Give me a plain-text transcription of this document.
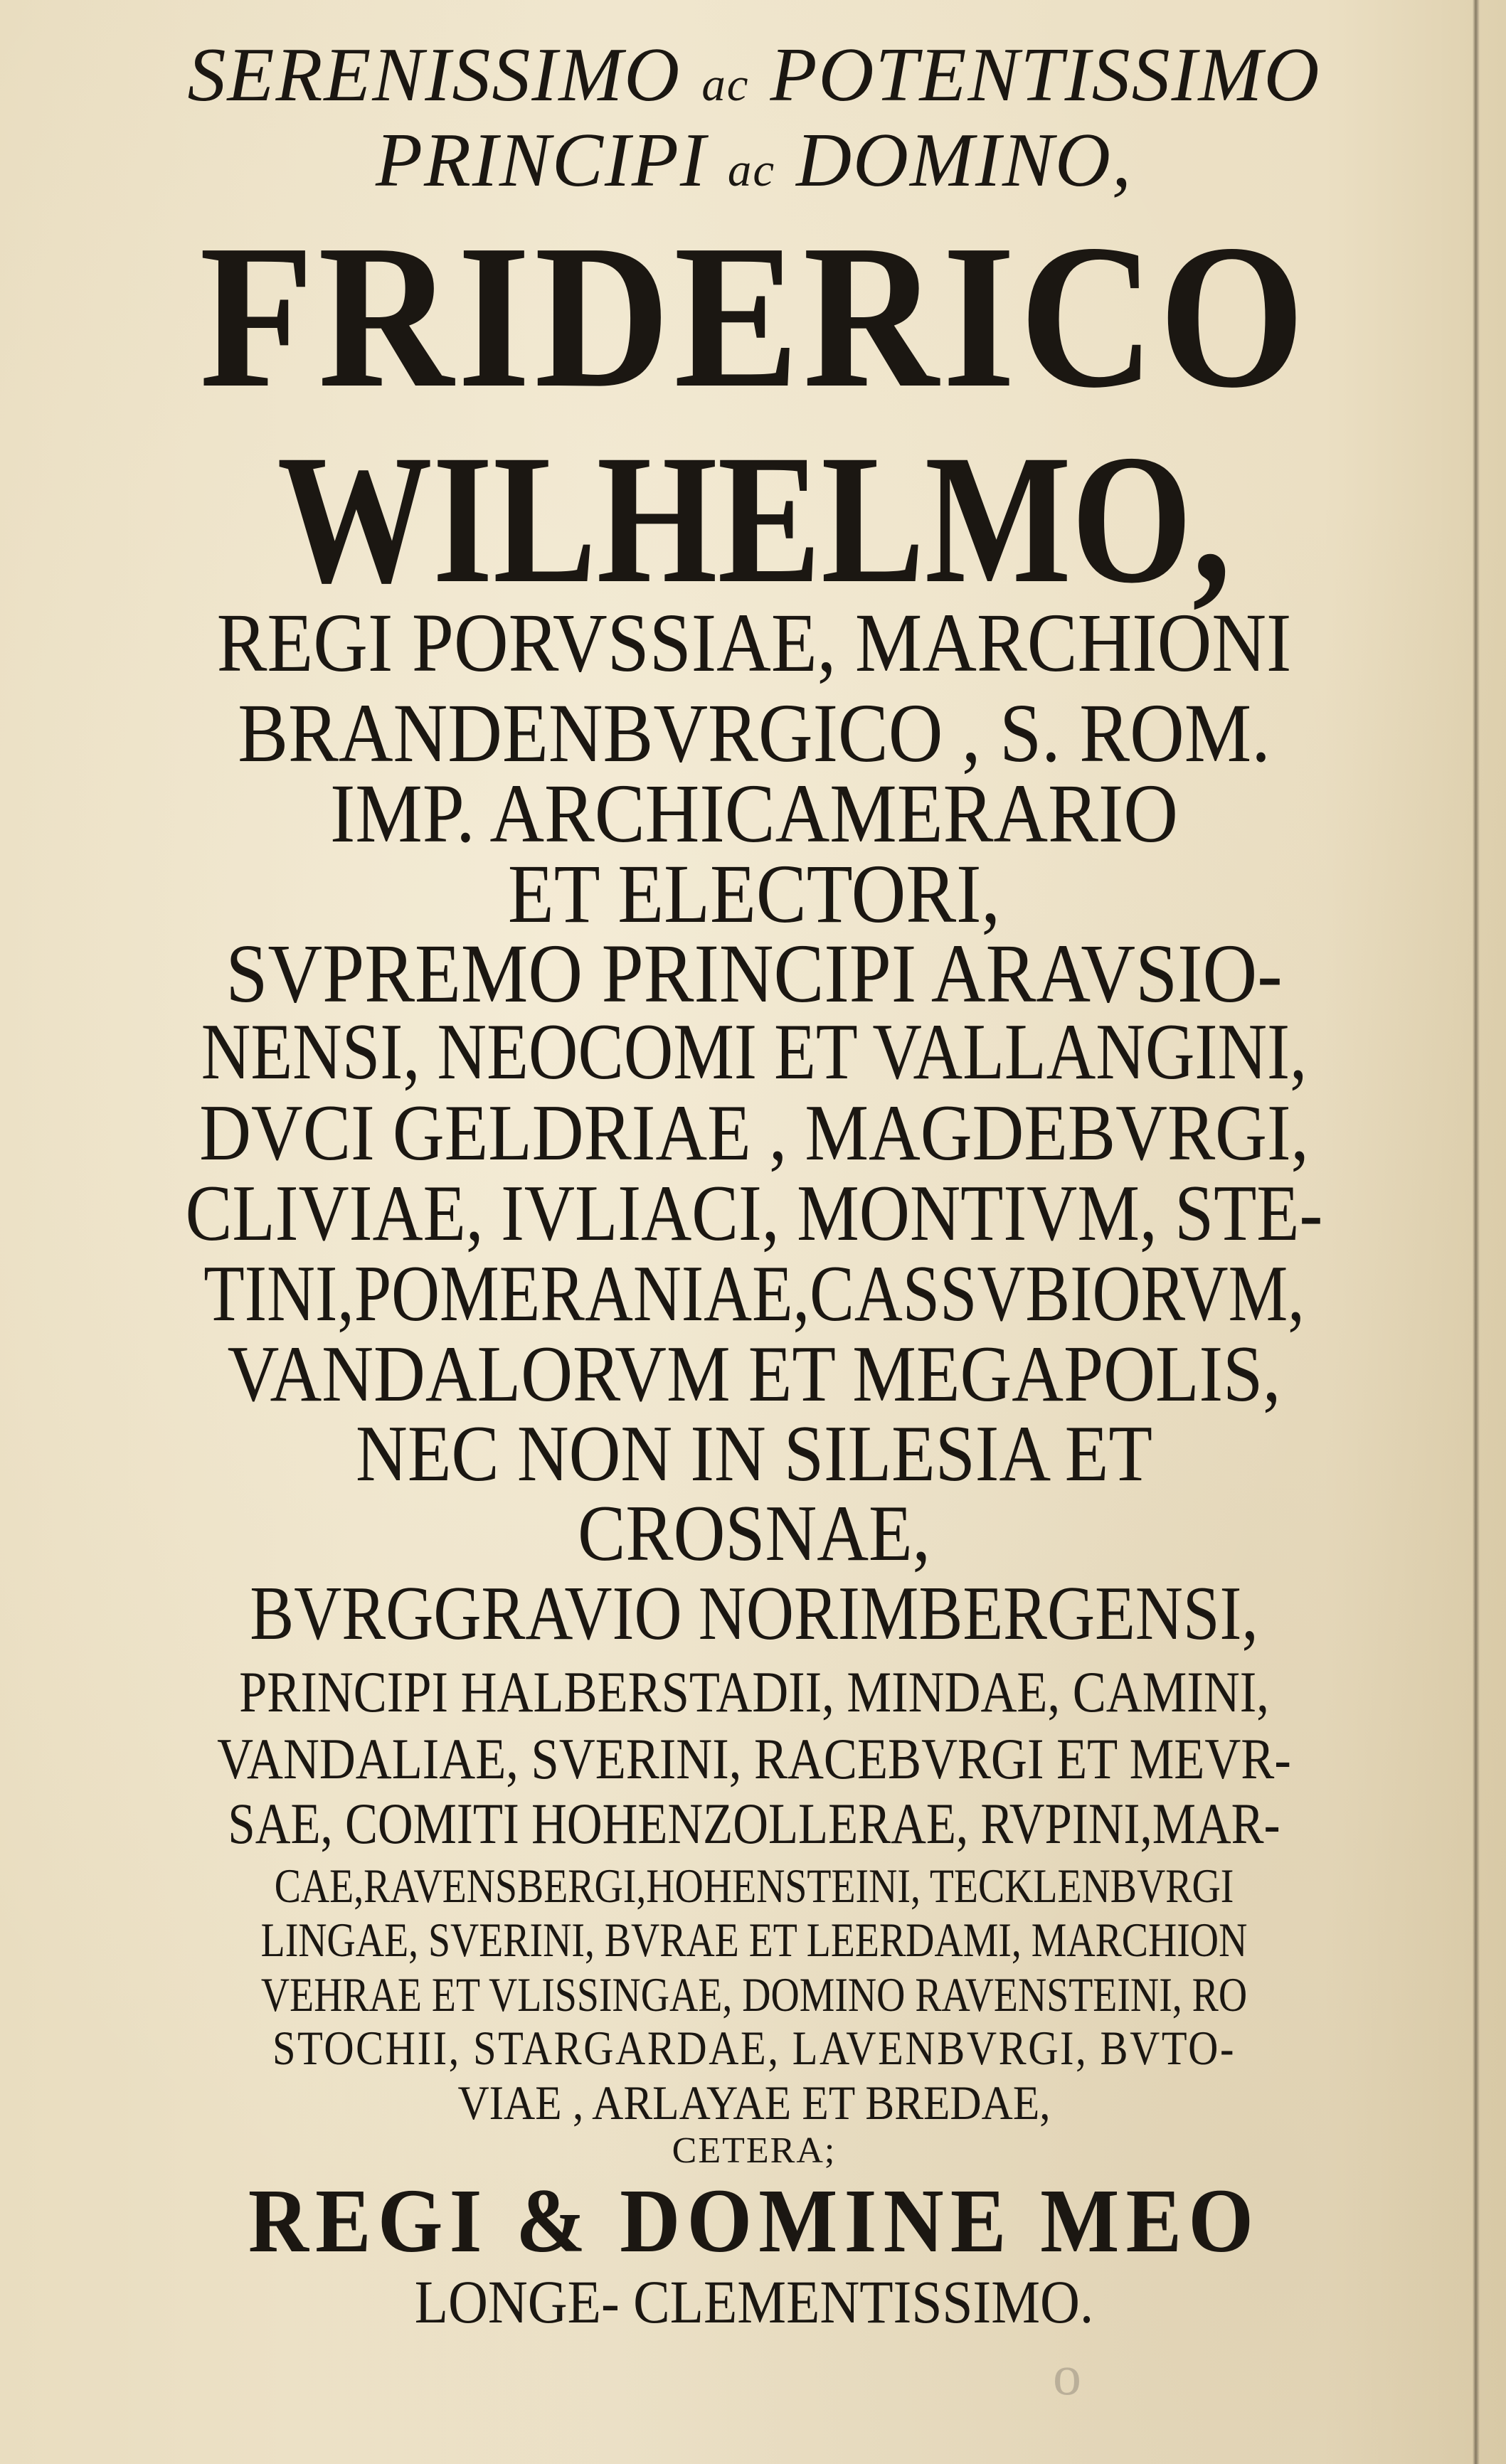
SERENISSIMO ac POTENTISSIMO
PRINCIPI ac DOMINO,
FRIDERICO
WILHELMO,
REGI PORVSSIAE, MARCHIONI
BRANDENBVRGICO , S. ROM.
IMP. ARCHICAMERARIO
ET ELECTORI,
SVPREMO PRINCIPI ARAVSIO-
NENSI, NEOCOMI ET VALLANGINI,
DVCI GELDRIAE , MAGDEBVRGI,
CLIVIAE, IVLIACI, MONTIVM, STE-
TINI,POMERANIAE,CASSVBIORVM,
VANDALORVM ET MEGAPOLIS,
NEC NON IN SILESIA ET
CROSNAE,
BVRGGRAVIO NORIMBERGENSI,
PRINCIPI HALBERSTADII, MINDAE, CAMINI,
VANDALIAE, SVERINI, RACEBVRGI ET MEVR-
SAE, COMITI HOHENZOLLERAE, RVPINI,MAR-
CAE,RAVENSBERGI,HOHENSTEINI, TECKLENBVRGI
LINGAE, SVERINI, BVRAE ET LEERDAMI, MARCHION
VEHRAE ET VLISSINGAE, DOMINO RAVENSTEINI, RO
STOCHII, STARGARDAE, LAVENBVRGI, BVTO-
VIAE , ARLAYAE ET BREDAE,
CETERA;
REGI & DOMINE MEO
LONGE- CLEMENTISSIMO.
o
